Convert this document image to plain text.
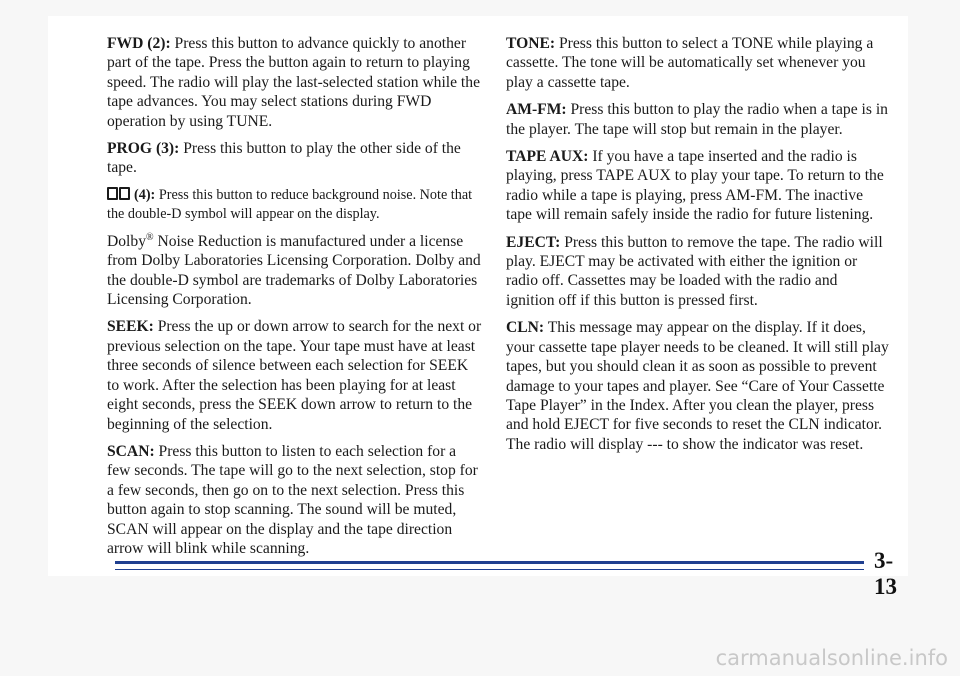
FWD (2): Press this button to advance quickly to another part of the tape. Press the button again to return to playing speed. The radio will play the last-selected station while the tape advances. You may select stations during FWD operation by using TUNE.

PROG (3): Press this button to play the other side of the tape.

(4): Press this button to reduce background noise. Note that the double-D symbol will appear on the display.

Dolby® Noise Reduction is manufactured under a license from Dolby Laboratories Licensing Corporation. Dolby and the double-D symbol are trademarks of Dolby Laboratories Licensing Corporation.

SEEK: Press the up or down arrow to search for the next or previous selection on the tape. Your tape must have at least three seconds of silence between each selection for SEEK to work. After the selection has been playing for at least eight seconds, press the SEEK down arrow to return to the beginning of the selection.

SCAN: Press this button to listen to each selection for a few seconds. The tape will go to the next selection, stop for a few seconds, then go on to the next selection. Press this button again to stop scanning. The sound will be muted, SCAN will appear on the display and the tape direction arrow will blink while scanning.

TONE: Press this button to select a TONE while playing a cassette. The tone will be automatically set whenever you play a cassette tape.

AM-FM: Press this button to play the radio when a tape is in the player. The tape will stop but remain in the player.

TAPE AUX: If you have a tape inserted and the radio is playing, press TAPE AUX to play your tape. To return to the radio while a tape is playing, press AM-FM. The inactive tape will remain safely inside the radio for future listening.

EJECT: Press this button to remove the tape. The radio will play. EJECT may be activated with either the ignition or radio off. Cassettes may be loaded with the radio and ignition off if this button is pressed first.

CLN: This message may appear on the display. If it does, your cassette tape player needs to be cleaned. It will still play tapes, but you should clean it as soon as possible to prevent damage to your tapes and player. See “Care of Your Cassette Tape Player” in the Index. After you clean the player, press and hold EJECT for five seconds to reset the CLN indicator. The radio will display --- to show the indicator was reset.

3-13
carmanualsonline.info
